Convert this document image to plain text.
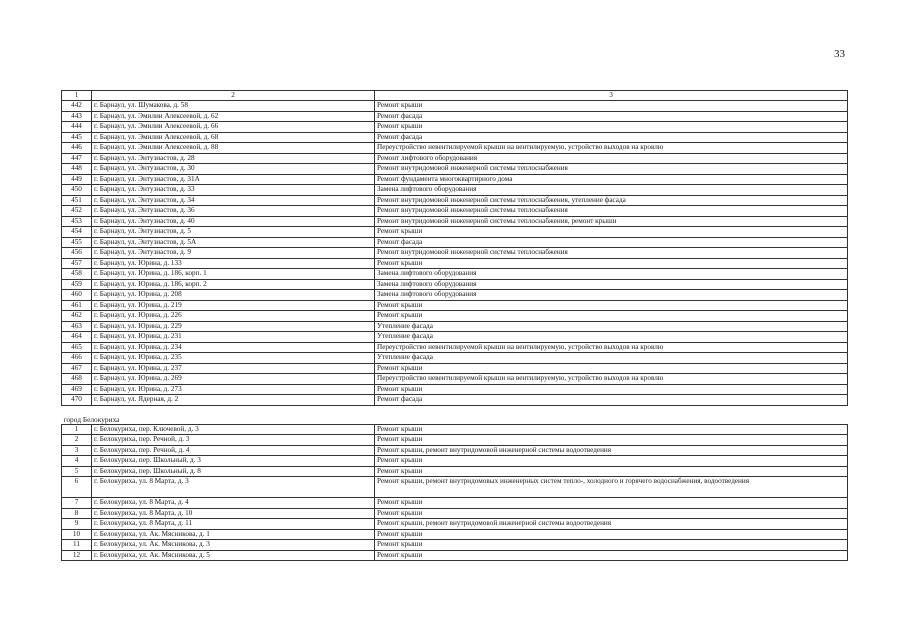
33
1	2	3
442	г. Барнаул, ул. Шумакова, д. 58	Ремонт крыши
443	г. Барнаул, ул. Эмилии Алексеевой, д. 62	Ремонт фасада
444	г. Барнаул, ул. Эмилии Алексеевой, д. 66	Ремонт крыши
445	г. Барнаул, ул. Эмилии Алексеевой, д. 68	Ремонт фасада
446	г. Барнаул, ул. Эмилии Алексеевой, д. 88	Переустройство невентилируемой крыши на вентилируемую, устройство выходов на кровлю
447	г. Барнаул, ул. Энтузиастов, д. 28	Ремонт лифтового оборудования
448	г. Барнаул, ул. Энтузиастов, д. 30	Ремонт внутридомовой инженерной системы теплоснабжения
449	г. Барнаул, ул. Энтузиастов, д. 31А	Ремонт фундамента многоквартирного дома
450	г. Барнаул, ул. Энтузиастов, д. 33	Замена лифтового оборудования
451	г. Барнаул, ул. Энтузиастов, д. 34	Ремонт внутридомовой инженерной системы теплоснабжения, утепление фасада
452	г. Барнаул, ул. Энтузиастов, д. 36	Ремонт внутридомовой инженерной системы теплоснабжения
453	г. Барнаул, ул. Энтузиастов, д. 40	Ремонт внутридомовой инженерной системы теплоснабжения, ремонт крыши
454	г. Барнаул, ул. Энтузиастов, д. 5	Ремонт крыши
455	г. Барнаул, ул. Энтузиастов, д. 5А	Ремонт фасада
456	г. Барнаул, ул. Энтузиастов, д. 9	Ремонт внутридомовой инженерной системы теплоснабжения
457	г. Барнаул, ул. Юрина, д. 133	Ремонт крыши
458	г. Барнаул, ул. Юрина, д. 186, корп. 1	Замена лифтового оборудования
459	г. Барнаул, ул. Юрина, д. 186, корп. 2	Замена лифтового оборудования
460	г. Барнаул, ул. Юрина, д. 208	Замена лифтового оборудования
461	г. Барнаул, ул. Юрина, д. 219	Ремонт крыши
462	г. Барнаул, ул. Юрина, д. 226	Ремонт крыши
463	г. Барнаул, ул. Юрина, д. 229	Утепление фасада
464	г. Барнаул, ул. Юрина, д. 231	Утепление фасада
465	г. Барнаул, ул. Юрина, д. 234	Переустройство невентилируемой крыши на вентилируемую, устройство выходов на кровлю
466	г. Барнаул, ул. Юрина, д. 235	Утепление фасада
467	г. Барнаул, ул. Юрина, д. 237	Ремонт крыши
468	г. Барнаул, ул. Юрина, д. 269	Переустройство невентилируемой крыши на вентилируемую, устройство выходов на кровлю
469	г. Барнаул, ул. Юрина, д. 273	Ремонт крыши
470	г. Барнаул, ул. Ядерная, д. 2	Ремонт фасада
город Белокуриха		
1	г. Белокуриха, пер. Ключевой, д. 3	Ремонт крыши
2	г. Белокуриха, пер. Речной, д. 3	Ремонт крыши
3	г. Белокуриха, пер. Речной, д. 4	Ремонт крыши, ремонт внутридомовой инженерной системы водоотведения
4	г. Белокуриха, пер. Школьный, д. 3	Ремонт крыши
5	г. Белокуриха, пер. Школьный, д. 8	Ремонт крыши
6	г. Белокуриха, ул. 8 Марта, д. 3	Ремонт крыши, ремонт внутридомовых инженерных систем тепло-, холодного и горячего водоснабжения, водоотведения
7	г. Белокуриха, ул. 8 Марта, д. 4	Ремонт крыши
8	г. Белокуриха, ул. 8 Марта, д. 10	Ремонт крыши
9	г. Белокуриха, ул. 8 Марта, д. 11	Ремонт крыши, ремонт внутридомовой инженерной системы водоотведения
10	г. Белокуриха, ул. Ак. Мясникова, д. 1	Ремонт крыши
11	г. Белокуриха, ул. Ак. Мясникова, д. 3	Ремонт крыши
12	г. Белокуриха, ул. Ак. Мясникова, д. 5	Ремонт крыши
